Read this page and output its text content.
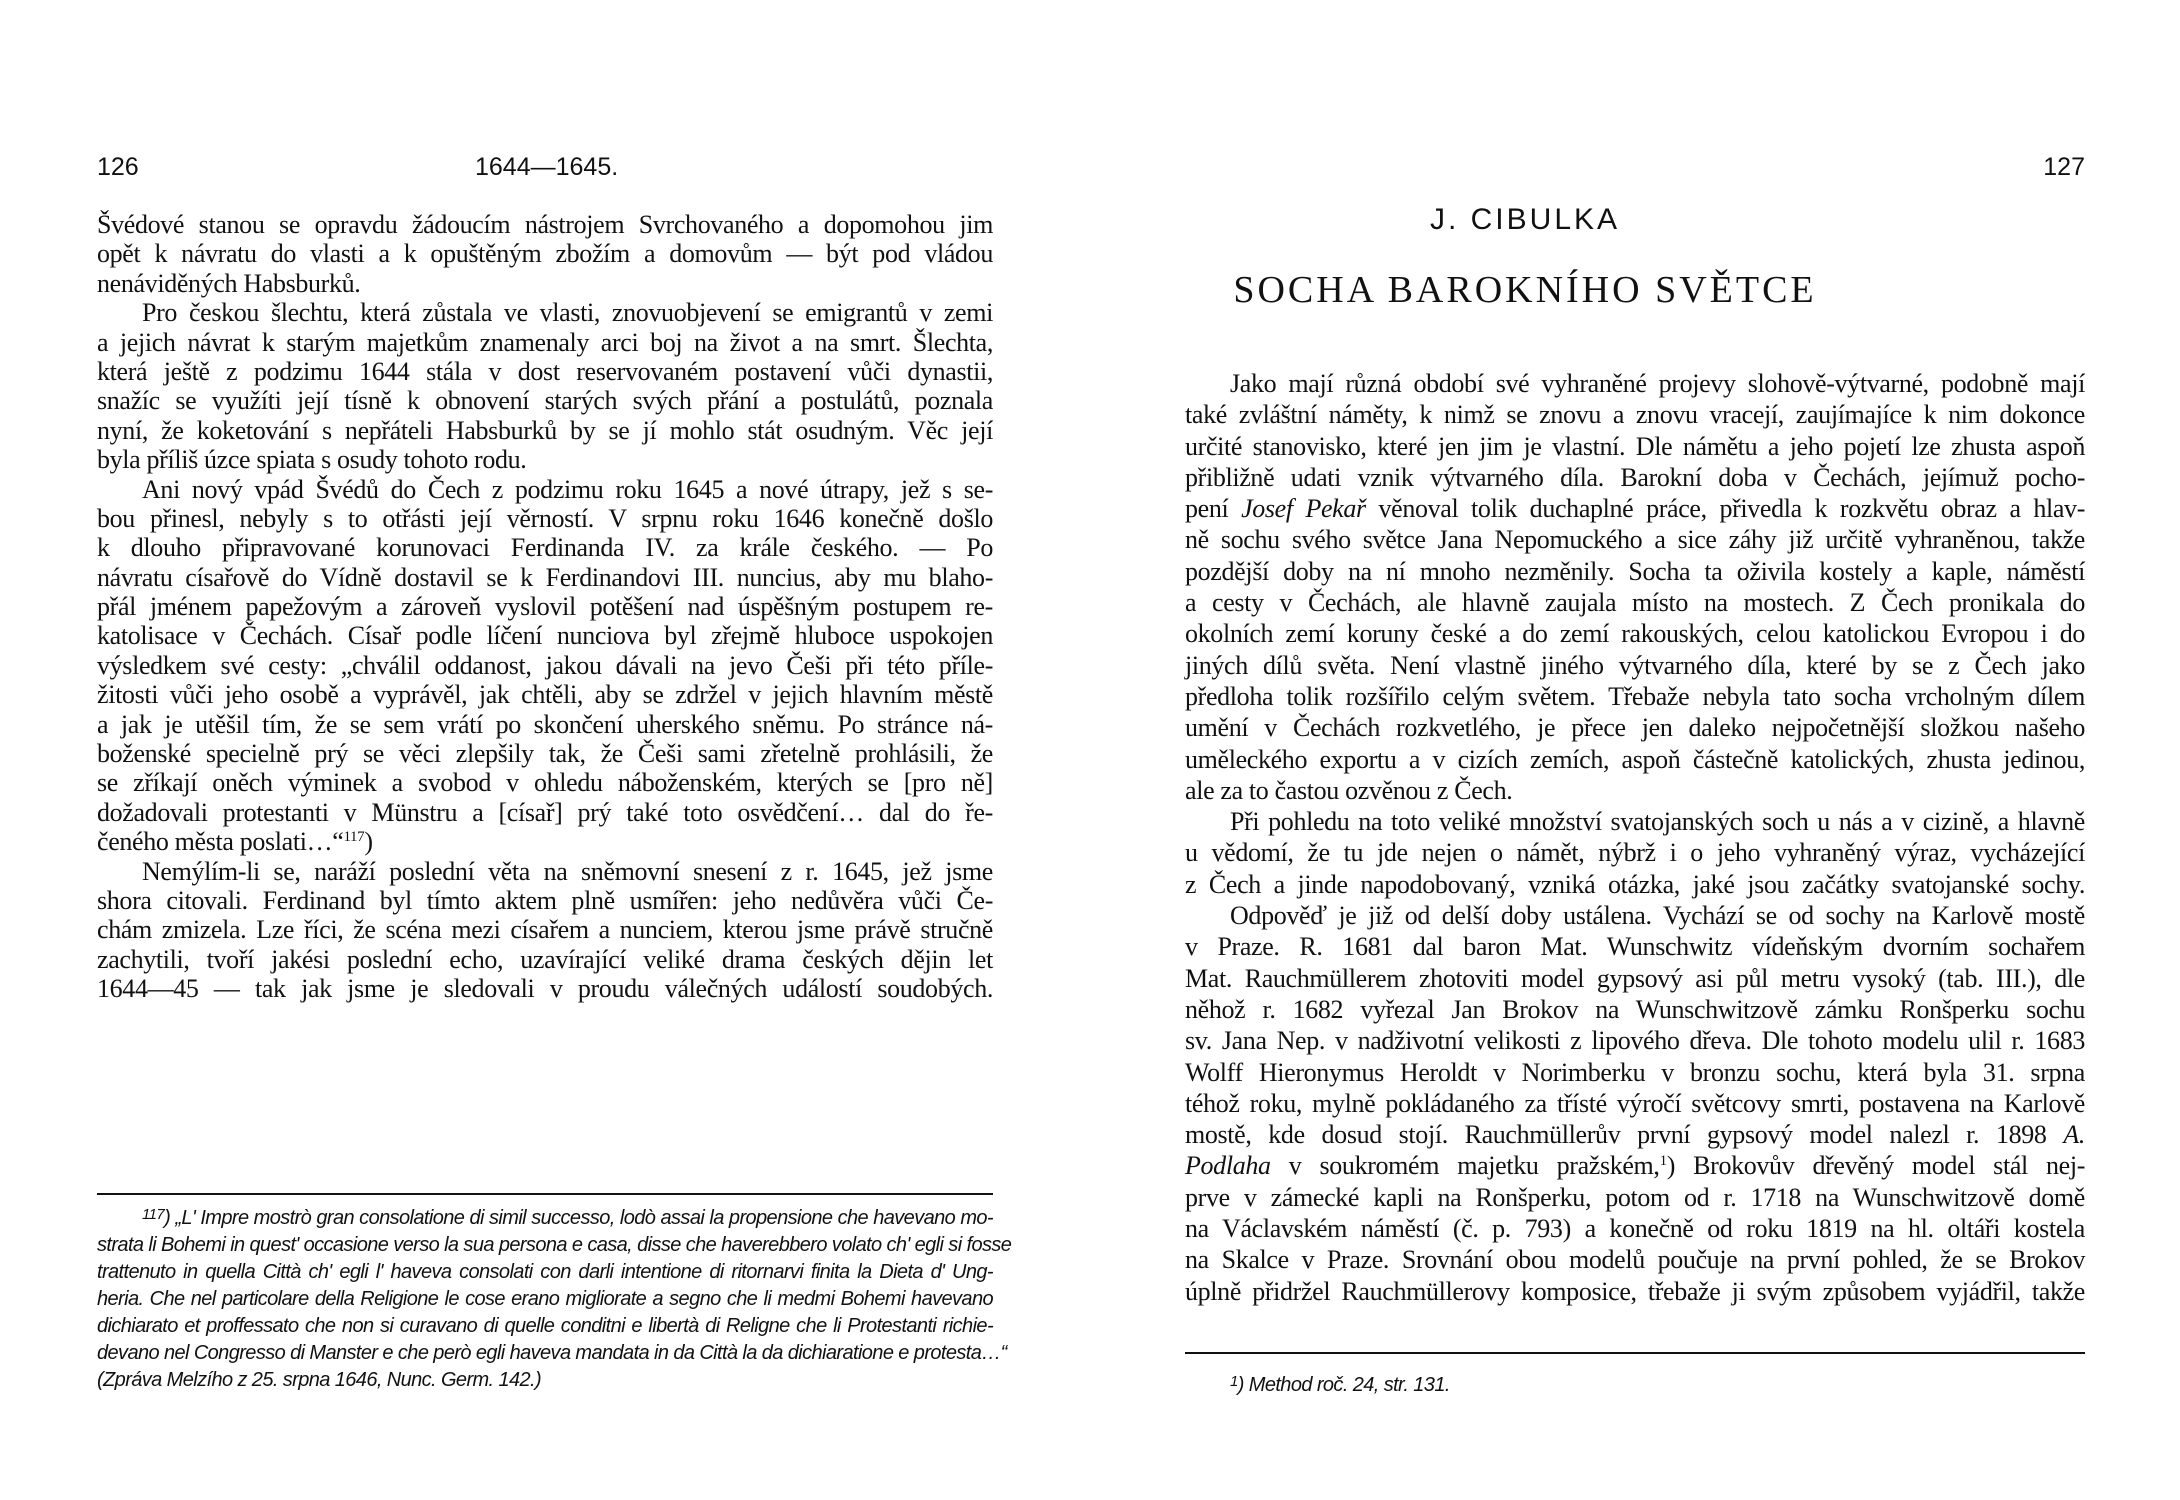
126	1644—1645.
Švédové stanou se opravdu žádoucím nástrojem Svrchovaného a dopomohou jim
opět k návratu do vlasti a k opuštěným zbožím a domovům — být pod vládou
nenáviděných Habsburků.
Pro českou šlechtu, která zůstala ve vlasti, znovuobjevení se emigrantů v zemi
a jejich návrat k starým majetkům znamenaly arci boj na život a na smrt. Šlechta,
která ještě z podzimu 1644 stála v dost reservovaném postavení vůči dynastii,
snažíc se využíti její tísně k obnovení starých svých přání a postulátů, poznala
nyní, že koketování s nepřáteli Habsburků by se jí mohlo stát osudným. Věc její
byla příliš úzce spiata s osudy tohoto rodu.
Ani nový vpád Švédů do Čech z podzimu roku 1645 a nové útrapy, jež s se-
bou přinesl, nebyly s to otřásti její věrností. V srpnu roku 1646 konečně došlo
k dlouho připravované korunovaci Ferdinanda IV. za krále českého. — Po
návratu císařově do Vídně dostavil se k Ferdinandovi III. nuncius, aby mu blaho-
přál jménem papežovým a zároveň vyslovil potěšení nad úspěšným postupem re-
katolisace v Čechách. Císař podle líčení nunciova byl zřejmě hluboce uspokojen
výsledkem své cesty: „chválil oddanost, jakou dávali na jevo Češi při této příle-
žitosti vůči jeho osobě a vyprávěl, jak chtěli, aby se zdržel v jejich hlavním městě
a jak je utěšil tím, že se sem vrátí po skončení uherského sněmu. Po stránce ná-
boženské specielně prý se věci zlepšily tak, že Češi sami zřetelně prohlásili, že
se zříkají oněch výminek a svobod v ohledu náboženském, kterých se [pro ně]
dožadovali protestanti v Münstru a [císař] prý také toto osvědčení… dal do ře-
čeného města poslati…“$^{117}$)
Nemýlím-li se, naráží poslední věta na sněmovní snesení z r. 1645, jež jsme
shora citovali. Ferdinand byl tímto aktem plně usmířen: jeho nedůvěra vůči Če-
chám zmizela. Lze říci, že scéna mezi císařem a nunciem, kterou jsme právě stručně
zachytili, tvoří jakési poslední echo, uzavírající veliké drama českých dějin let
1644—45 — tak jak jsme je sledovali v proudu válečných událostí soudobých.
$^{117}$) „L' Impre mostrò gran consolatione di simil successo, lodò assai la propensione che havevano mo-
strata li Bohemi in quest' occasione verso la sua persona e casa, disse che haverebbero volato ch' egli si fosse
trattenuto in quella Città ch' egli l' haveva consolati con darli intentione di ritornarvi finita la Dieta d' Ung-
heria. Che nel particolare della Religione le cose erano migliorate a segno che li medmi Bohemi havevano
dichiarato et proffessato che non si curavano di quelle conditni e libertà di Religne che li Protestanti richie-
devano nel Congresso di Manster e che però egli haveva mandata in da Città la da dichiaratione e protesta…“
(Zpráva Melzího z 25. srpna 1646, Nunc. Germ. 142.)
127
J. CIBULKA
SOCHA BAROKNÍHO SVĚTCE
Jako mají různá období své vyhraněné projevy slohově-výtvarné, podobně mají
také zvláštní náměty, k nimž se znovu a znovu vracejí, zaujímajíce k nim dokonce
určité stanovisko, které jen jim je vlastní. Dle námětu a jeho pojetí lze zhusta aspoň
přibližně udati vznik výtvarného díla. Barokní doba v Čechách, jejímuž pocho-
pení Josef Pekař věnoval tolik duchaplné práce, přivedla k rozkvětu obraz a hlav-
ně sochu svého světce Jana Nepomuckého a sice záhy již určitě vyhraněnou, takže
pozdější doby na ní mnoho nezměnily. Socha ta oživila kostely a kaple, náměstí
a cesty v Čechách, ale hlavně zaujala místo na mostech. Z Čech pronikala do
okolních zemí koruny české a do zemí rakouských, celou katolickou Evropou i do
jiných dílů světa. Není vlastně jiného výtvarného díla, které by se z Čech jako
předloha tolik rozšířilo celým světem. Třebaže nebyla tato socha vrcholným dílem
umění v Čechách rozkvetlého, je přece jen daleko nejpočetnější složkou našeho
uměleckého exportu a v cizích zemích, aspoň částečně katolických, zhusta jedinou,
ale za to častou ozvěnou z Čech.
Při pohledu na toto veliké množství svatojanských soch u nás a v cizině, a hlavně
u vědomí, že tu jde nejen o námět, nýbrž i o jeho vyhraněný výraz, vycházející
z Čech a jinde napodobovaný, vzniká otázka, jaké jsou začátky svatojanské sochy.
Odpověď je již od delší doby ustálena. Vychází se od sochy na Karlově mostě
v Praze. R. 1681 dal baron Mat. Wunschwitz vídeňským dvorním sochařem
Mat. Rauchmüllerem zhotoviti model gypsový asi půl metru vysoký (tab. III.), dle
něhož r. 1682 vyřezal Jan Brokov na Wunschwitzově zámku Ronšperku sochu
sv. Jana Nep. v nadživotní velikosti z lipového dřeva. Dle tohoto modelu ulil r. 1683
Wolff Hieronymus Heroldt v Norimberku v bronzu sochu, která byla 31. srpna
téhož roku, mylně pokládaného za třísté výročí světcovy smrti, postavena na Karlově
mostě, kde dosud stojí. Rauchmüllerův první gypsový model nalezl r. 1898 A.
Podlaha v soukromém majetku pražském,$^1$) Brokovův dřevěný model stál nej-
prve v zámecké kapli na Ronšperku, potom od r. 1718 na Wunschwitzově domě
na Václavském náměstí (č. p. 793) a konečně od roku 1819 na hl. oltáři kostela
na Skalce v Praze. Srovnání obou modelů poučuje na první pohled, že se Brokov
úplně přidržel Rauchmüllerovy komposice, třebaže ji svým způsobem vyjádřil, takže
$^1$) Method roč. 24, str. 131.
